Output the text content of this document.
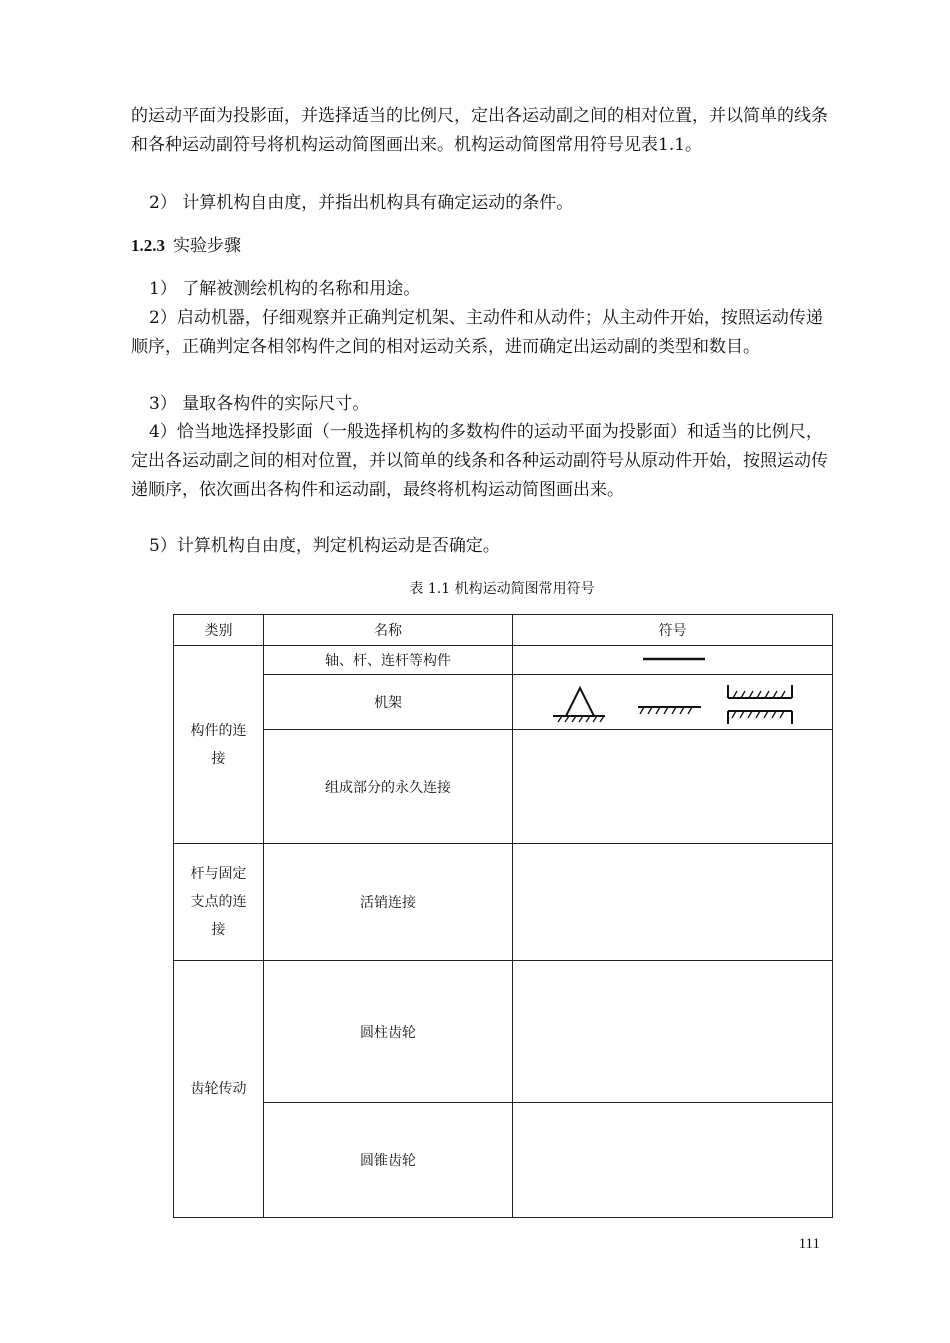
的运动平面为投影面，并选择适当的比例尺，定出各运动副之间的相对位置，并以简单的线条和各种运动副符号将机构运动简图画出来。机构运动简图常用符号见表1.1。

2） 计算机构自由度，并指出机构具有确定运动的条件。

1.2.3 实验步骤

1） 了解被测绘机构的名称和用途。

2）启动机器，仔细观察并正确判定机架、主动件和从动件；从主动件开始，按照运动传递顺序，正确判定各相邻构件之间的相对运动关系，进而确定出运动副的类型和数目。

3） 量取各构件的实际尺寸。

4）恰当地选择投影面（一般选择机构的多数构件的运动平面为投影面）和适当的比例尺，定出各运动副之间的相对位置，并以简单的线条和各种运动副符号从原动件开始，按照运动传递顺序，依次画出各构件和运动副，最终将机构运动简图画出来。

5）计算机构自由度，判定机构运动是否确定。

表 1.1 机构运动简图常用符号
类别	名称	符号
构件的连
接	轴、杆、连杆等构件	

	机架	

	组成部分的永久连接	
杆与固定
支点的连
接	活销连接	
齿轮传动	圆柱齿轮	
	圆锥齿轮	
111
